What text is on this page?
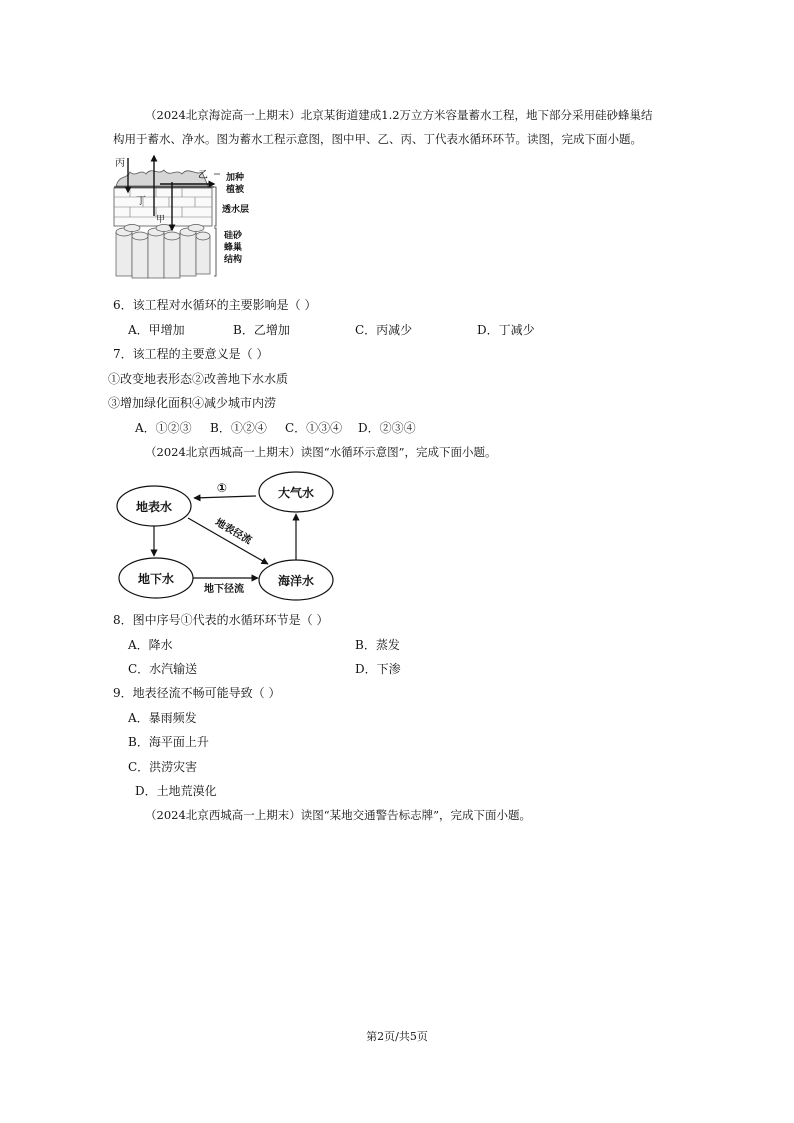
（2024北京海淀高一上期末）北京某街道建成1.2万立方米容量蓄水工程，地下部分采用硅砂蜂巢结
构用于蓄水、净水。图为蓄水工程示意图，图中甲、乙、丙、丁代表水循环环节。读图，完成下面小题。
丙
乙
丁
甲
加种
植被
透水层
硅砂
蜂巢
结构
6．该工程对水循环的主要影响是（ ）
A．甲增加	B．乙增加	C．丙减少	D．丁减少
7．该工程的主要意义是（ ）
①改变地表形态②改善地下水水质
③增加绿化面积④减少城市内涝
A．①②③ B．①②④ C．①③④ D．②③④
（2024北京西城高一上期末）读图“水循环示意图”，完成下面小题。
地表水
大气水
地下水	海洋水
①
地表径流
地下径流
8．图中序号①代表的水循环环节是（ ）
A．降水	B．蒸发
C．水汽输送	D．下渗
9．地表径流不畅可能导致（ ）
A．暴雨频发
B．海平面上升
C．洪涝灾害
D．土地荒漠化
（2024北京西城高一上期末）读图“某地交通警告标志牌”，完成下面小题。
第2页/共5页
